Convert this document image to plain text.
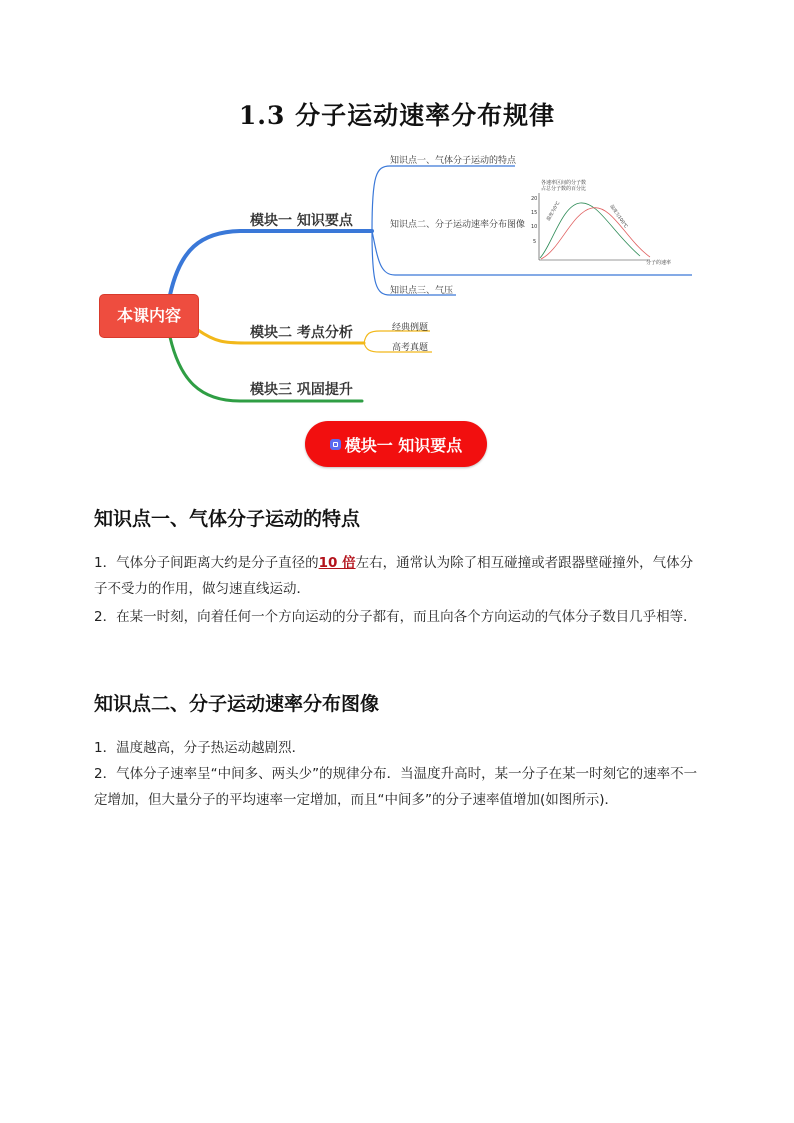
1.3 分子运动速率分布规律
各速率区间的分子数
占总分子数的百分比
20
15
10
5
温度为0℃	温度为100℃
分子的速率
本课内容
模块一 知识要点
模块二 考点分析
模块三 巩固提升
知识点一、气体分子运动的特点
知识点二、分子运动速率分布图像
知识点三、气压
经典例题
高考真题
模块一 知识要点
知识点一、气体分子运动的特点

1．气体分子间距离大约是分子直径的10 倍左右，通常认为除了相互碰撞或者跟器壁碰撞外，气体分子不受力的作用，做匀速直线运动．

2．在某一时刻，向着任何一个方向运动的分子都有，而且向各个方向运动的气体分子数目几乎相等．

知识点二、分子运动速率分布图像

1．温度越高，分子热运动越剧烈．

2．气体分子速率呈“中间多、两头少”的规律分布．当温度升高时，某一分子在某一时刻它的速率不一定增加，但大量分子的平均速率一定增加，而且“中间多”的分子速率值增加(如图所示)．
